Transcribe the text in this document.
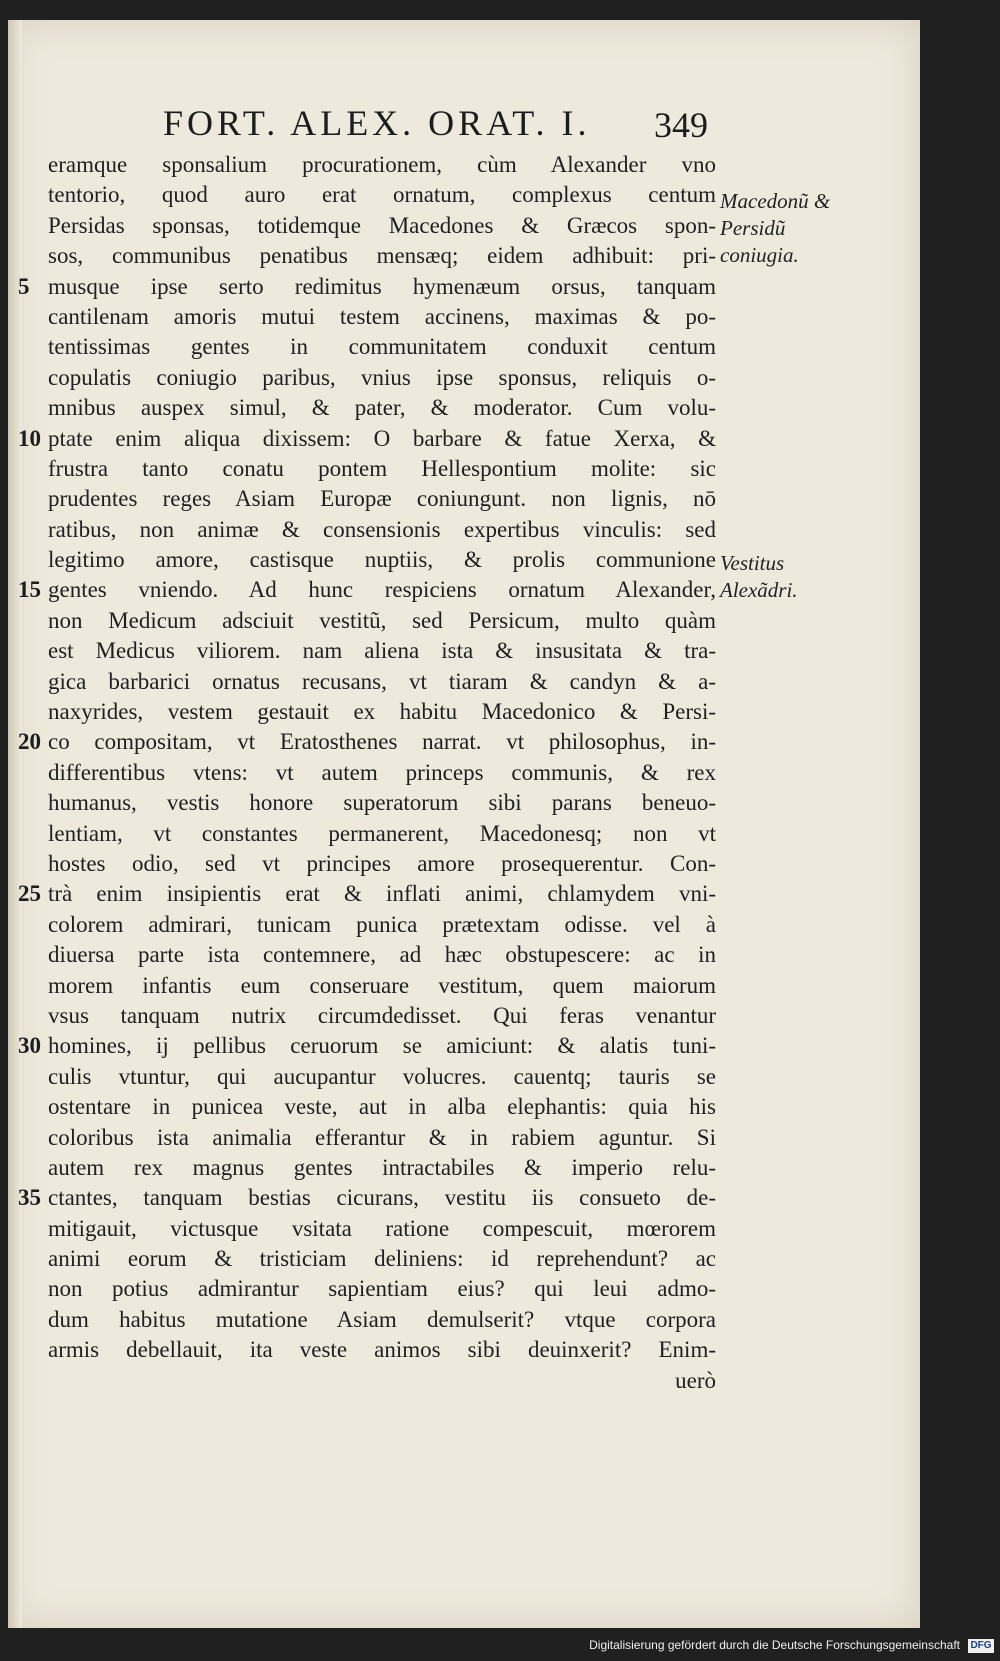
FORT. ALEX. ORAT. I. 349
eramque sponsalium procurationem, cùm Alexander vno
tentorio, quod auro erat ornatum, complexus centum
Persidas sponsas, totidemque Macedones & Græcos spon-
sos, communibus penatibus mensæq; eidem adhibuit: pri-
5 musque ipse serto redimitus hymenæum orsus, tanquam
cantilenam amoris mutui testem accinens, maximas & po-
tentissimas gentes in communitatem conduxit centum
copulatis coniugio paribus, vnius ipse sponsus, reliquis o-
mnibus auspex simul, & pater, & moderator. Cum volu-
10 ptate enim aliqua dixissem: O barbare & fatue Xerxa, &
frustra tanto conatu pontem Hellespontium molite: sic
prudentes reges Asiam Europæ coniungunt. non lignis, nō
ratibus, non animæ & consensionis expertibus vinculis: sed
legitimo amore, castisque nuptiis, & prolis communione
15 gentes vniendo. Ad hunc respiciens ornatum Alexander,
non Medicum adsciuit vestitũ, sed Persicum, multo quàm
est Medicus viliorem. nam aliena ista & insusitata & tra-
gica barbarici ornatus recusans, vt tiaram & candyn & a-
naxyrides, vestem gestauit ex habitu Macedonico & Persi-
20 co compositam, vt Eratosthenes narrat. vt philosophus, in-
differentibus vtens: vt autem princeps communis, & rex
humanus, vestis honore superatorum sibi parans beneuo-
lentiam, vt constantes permanerent, Macedonesq; non vt
hostes odio, sed vt principes amore prosequerentur. Con-
25 trà enim insipientis erat & inflati animi, chlamydem vni-
colorem admirari, tunicam punica prætextam odisse. vel à
diuersa parte ista contemnere, ad hæc obstupescere: ac in
morem infantis eum conseruare vestitum, quem maiorum
vsus tanquam nutrix circumdedisset. Qui feras venantur
30 homines, ij pellibus ceruorum se amiciunt: & alatis tuni-
culis vtuntur, qui aucupantur volucres. cauentq; tauris se
ostentare in punicea veste, aut in alba elephantis: quia his
coloribus ista animalia efferantur & in rabiem aguntur. Si
autem rex magnus gentes intractabiles & imperio relu-
35 ctantes, tanquam bestias cicurans, vestitu iis consueto de-
mitigauit, victusque vsitata ratione compescuit, mœrorem
animi eorum & tristiciam deliniens: id reprehendunt? ac
non potius admirantur sapientiam eius? qui leui admo-
dum habitus mutatione Asiam demulserit? vtque corpora
armis debellauit, ita veste animos sibi deuinxerit? Enim-
uerò
Macedonũ & Persidũ coniugia.
Vestitus Alexãdri.
Digitalisierung gefördert durch die Deutsche Forschungsgemeinschaft DFG
